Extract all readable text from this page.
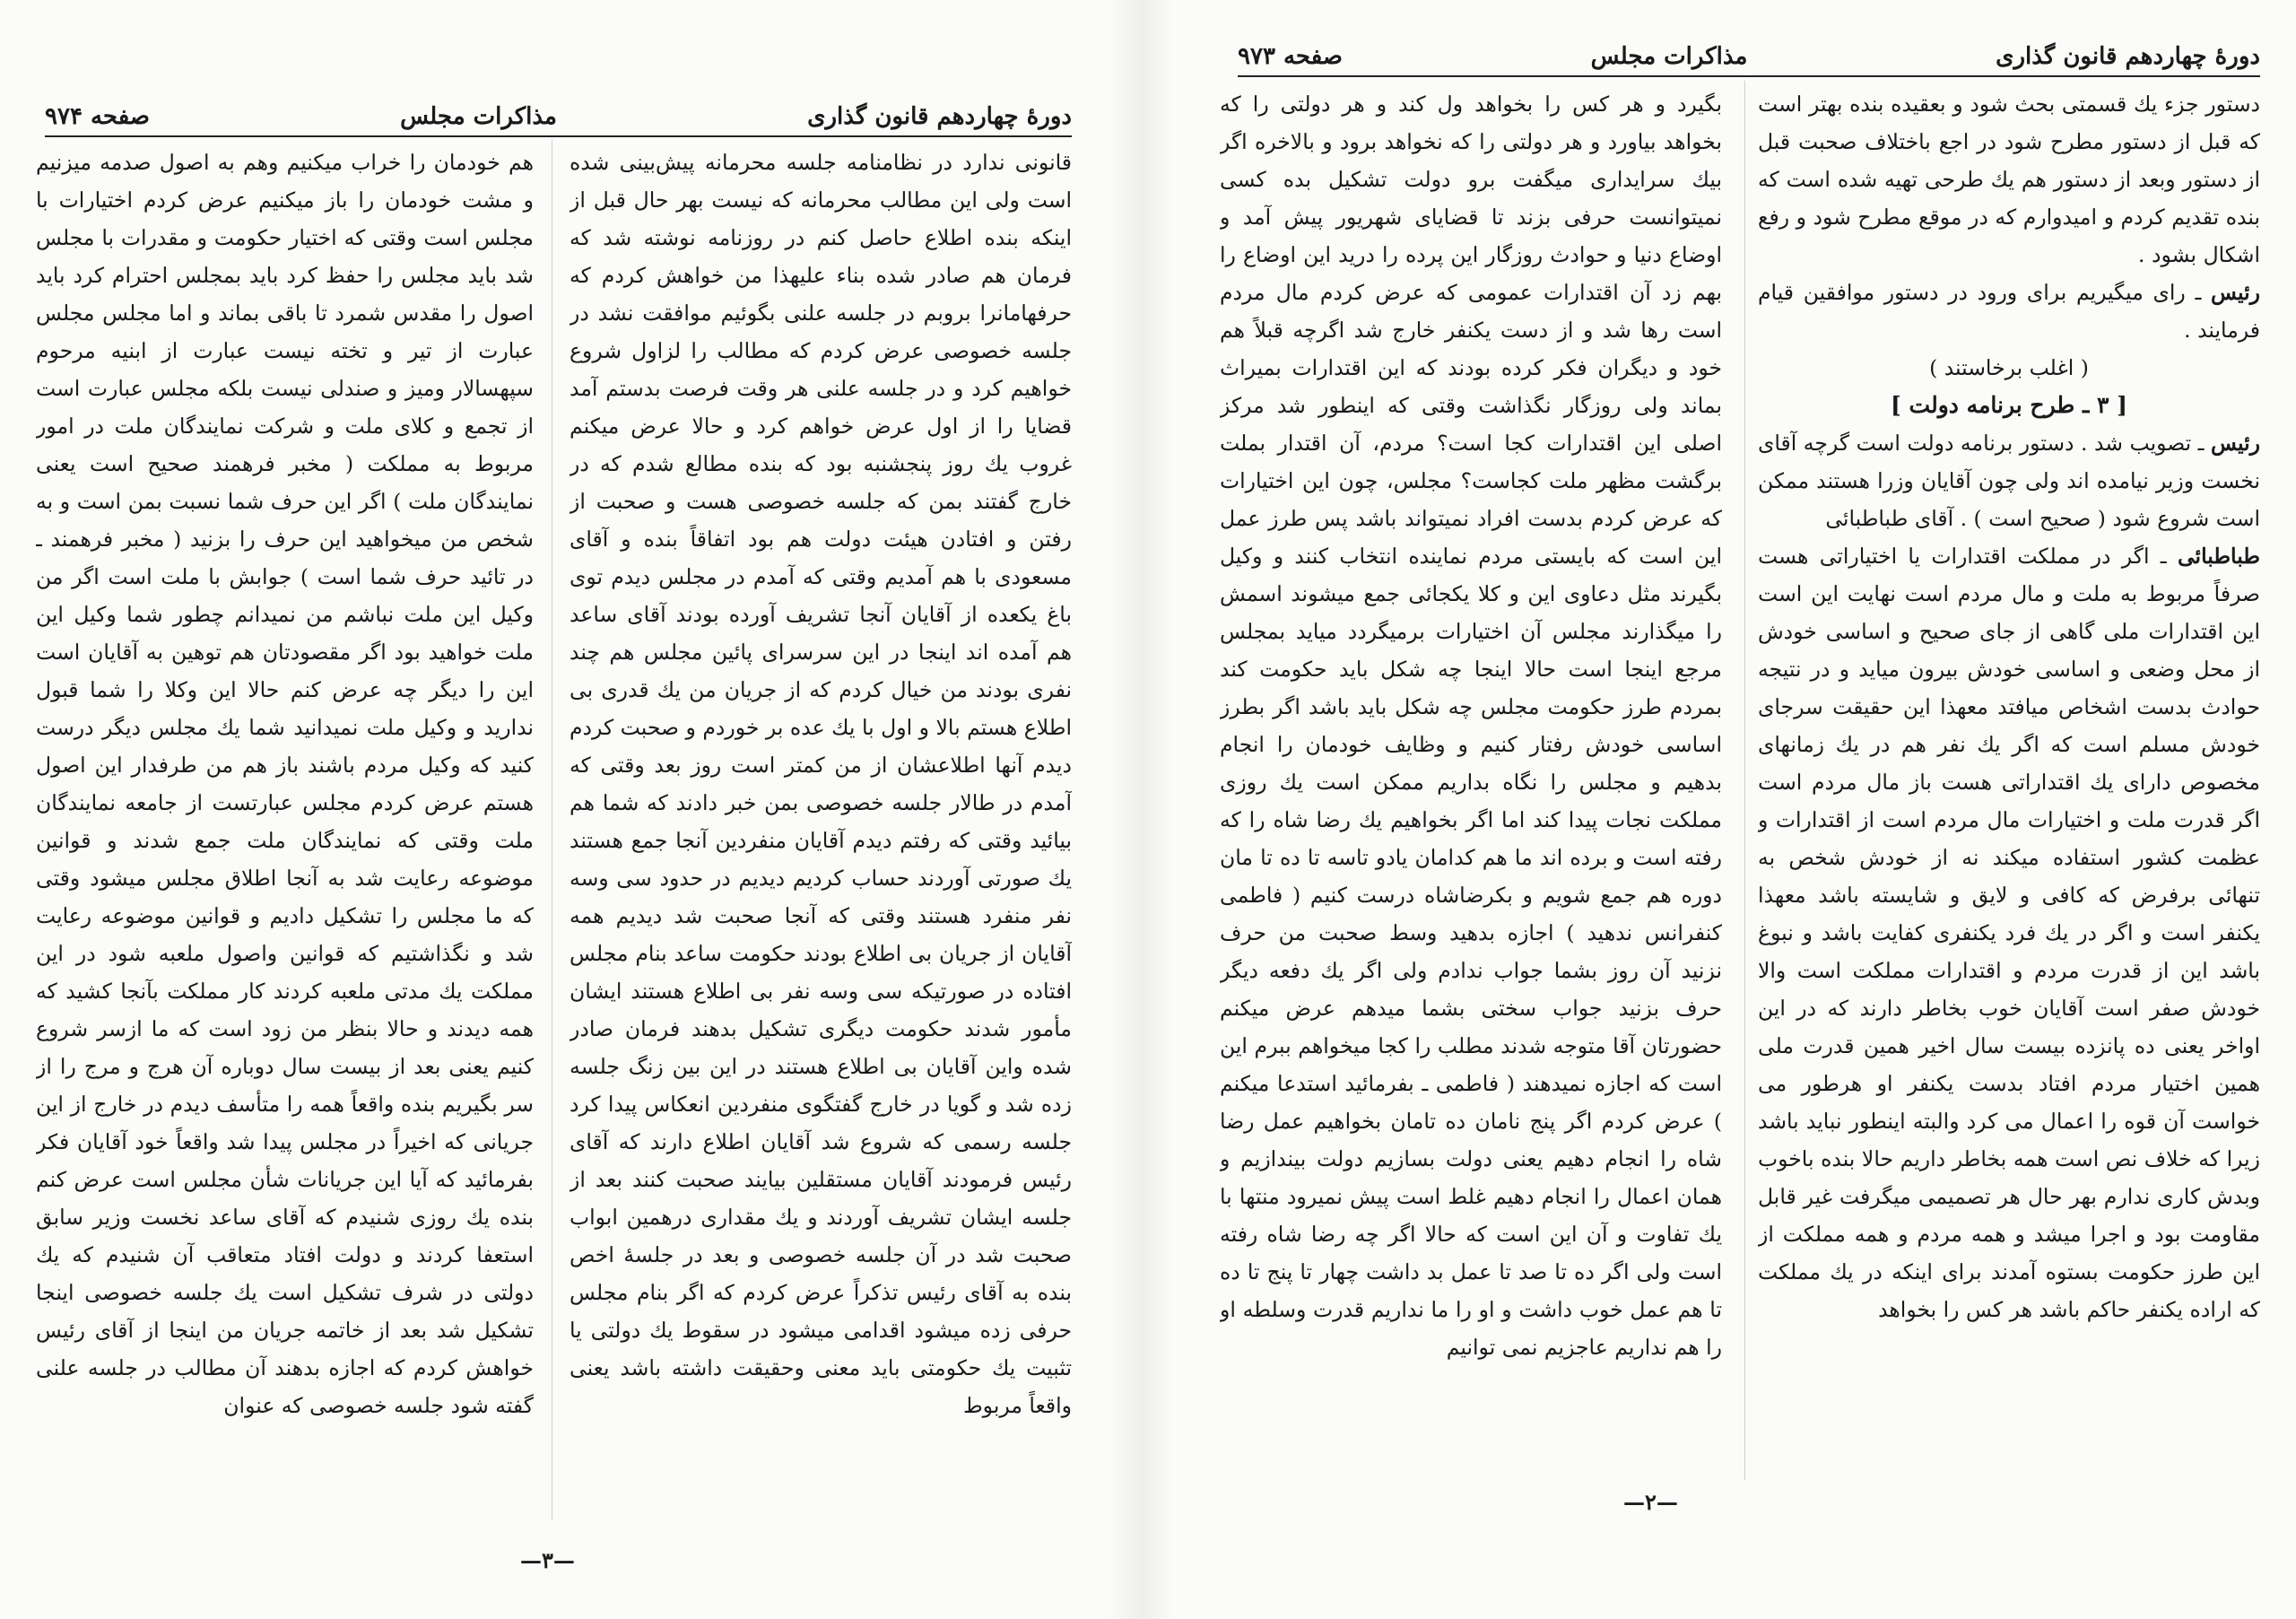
دورهٔ چهاردهم قانون گذاری
مذاکرات مجلس
صفحه ۹۷۴

قانونی ندارد در نظامنامه جلسه محرمانه پیش‌بینی شده است ولی این مطالب محرمانه که نیست بهر حال قبل از اینکه بنده اطلاع حاصل کنم در روزنامه نوشته شد که فرمان هم صادر شده بناء علیهذا من خواهش کردم که حرفهامانرا بروبم در جلسه علنی بگوئیم موافقت نشد در جلسه خصوصی عرض کردم که مطالب را لزاول شروع خواهیم کرد و در جلسه علنی هر وقت فرصت بدستم آمد قضایا را از اول عرض خواهم کرد و حالا عرض میکنم غروب یك روز پنجشنبه بود که بنده مطالع شدم که در خارج گفتند بمن که جلسه خصوصی هست و صحبت از رفتن و افتادن هیئت دولت هم بود اتفاقاً بنده و آقای مسعودی با هم آمدیم وقتی که آمدم در مجلس دیدم توی باغ یکعده از آقایان آنجا تشریف آورده بودند آقای ساعد هم آمده اند اینجا در این سرسرای پائین مجلس هم چند نفری بودند من خیال کردم که از جریان من یك قدری بی اطلاع هستم بالا و اول با یك عده بر خوردم و صحبت کردم دیدم آنها اطلاعشان از من کمتر است روز بعد وقتی که آمدم در طالار جلسه خصوصی بمن خبر دادند که شما هم بیائید وقتی که رفتم دیدم آقایان منفردین آنجا جمع هستند یك صورتی آوردند حساب کردیم دیدیم در حدود سی وسه نفر منفرد هستند وقتی که آنجا صحبت شد دیدیم همه آقایان از جریان بی اطلاع بودند حکومت ساعد بنام مجلس افتاده در صورتیکه سی وسه نفر بی اطلاع هستند ایشان مأمور شدند حکومت دیگری تشکیل بدهند فرمان صادر شده واین آقایان بی اطلاع هستند در این بین زنگ جلسه زده شد و گویا در خارج گفتگوی منفردین انعکاس پیدا کرد جلسه رسمی که شروع شد آقایان اطلاع دارند که آقای رئیس فرمودند آقایان مستقلین بیایند صحبت کنند بعد از جلسه ایشان تشریف آوردند و یك مقداری درهمین ابواب صحبت شد در آن جلسه خصوصی و بعد در جلسهٔ اخص بنده به آقای رئیس تذکراً عرض کردم که اگر بنام مجلس حرفی زده میشود اقدامی میشود در سقوط یك دولتی یا تثبیت یك حکومتی باید معنی وحقیقت داشته باشد یعنی واقعاً مربوط

هم خودمان را خراب میکنیم وهم به اصول صدمه میزنیم و مشت خودمان را باز میکنیم عرض کردم اختیارات با مجلس است وقتی که اختیار حکومت و مقدرات با مجلس شد باید مجلس را حفظ کرد باید بمجلس احترام کرد باید اصول را مقدس شمرد تا باقی بماند و اما مجلس مجلس عبارت از تیر و تخته نیست عبارت از ابنیه مرحوم سپهسالار ومیز و صندلی نیست بلکه مجلس عبارت است از تجمع و کلای ملت و شرکت نمایندگان ملت در امور مربوط به مملکت ( مخبر فرهمند صحیح است یعنی نمایندگان ملت ) اگر این حرف شما نسبت بمن است و به شخص من میخواهید این حرف را بزنید ( مخبر فرهمند ـ در تائید حرف شما است ) جوابش با ملت است اگر من وکیل این ملت نباشم من نمیدانم چطور شما وکیل این ملت خواهید بود اگر مقصودتان هم توهین به آقایان است این را دیگر چه عرض کنم حالا این وکلا را شما قبول ندارید و وکیل ملت نمیدانید شما یك مجلس دیگر درست کنید که وکیل مردم باشند باز هم من طرفدار این اصول هستم عرض کردم مجلس عبارتست از جامعه نمایندگان ملت وقتی که نمایندگان ملت جمع شدند و قوانین موضوعه رعایت شد به آنجا اطلاق مجلس میشود وقتی که ما مجلس را تشکیل دادیم و قوانین موضوعه رعایت شد و نگذاشتیم که قوانین واصول ملعبه شود در این مملکت یك مدتی ملعبه کردند کار مملکت بآنجا کشید که همه دیدند و حالا بنظر من زود است که ما ازسر شروع کنیم یعنی بعد از بیست سال دوباره آن هرج و مرج را از سر بگیریم بنده واقعاً همه را متأسف دیدم در خارج از این جریانی که اخیراً در مجلس پیدا شد واقعاً خود آقایان فکر بفرمائید که آیا این جریانات شأن مجلس است عرض کنم بنده یك روزی شنیدم که آقای ساعد نخست وزیر سابق استعفا کردند و دولت افتاد متعاقب آن شنیدم که یك دولتی در شرف تشکیل است یك جلسه خصوصی اینجا تشکیل شد بعد از خاتمه جریان من اینجا از آقای رئیس خواهش کردم که اجازه بدهند آن مطالب در جلسه علنی گفته شود جلسه خصوصی که عنوان

—۳—
دورهٔ چهاردهم قانون گذاری
مذاکرات مجلس
صفحه ۹۷۳

دستور جزء یك قسمتی بحث شود و بعقیده بنده بهتر است که قبل از دستور مطرح شود در اجع باختلاف صحبت قبل از دستور وبعد از دستور هم یك طرحی تهیه شده است که بنده تقدیم کردم و امیدوارم که در موقع مطرح شود و رفع اشکال بشود .

رئیس ـ رای میگیریم برای ورود در دستور موافقین قیام فرمایند .

( اغلب برخاستند )

[ ۳ ـ طرح برنامه دولت ]

رئیس ـ تصویب شد . دستور برنامه دولت است گرچه آقای نخست وزیر نیامده اند ولی چون آقایان وزرا هستند ممکن است شروع شود ( صحیح است ) . آقای طباطبائی

طباطبائی ـ اگر در مملکت اقتدارات یا اختیاراتی هست صرفاً مربوط به ملت و مال مردم است نهایت این است این اقتدارات ملی گاهی از جای صحیح و اساسی خودش از محل وضعی و اساسی خودش بیرون میاید و در نتیجه حوادث بدست اشخاص میافتد معهذا این حقیقت سرجای خودش مسلم است که اگر یك نفر هم در یك زمانهای مخصوص دارای یك اقتداراتی هست باز مال مردم است اگر قدرت ملت و اختیارات مال مردم است از اقتدارات و عظمت کشور استفاده میکند نه از خودش شخص به تنهائی برفرض که کافی و لایق و شایسته باشد معهذا یکنفر است و اگر در یك فرد یکنفری کفایت باشد و نبوغ باشد این از قدرت مردم و اقتدارات مملکت است والا خودش صفر است آقایان خوب بخاطر دارند که در این اواخر یعنی ده پانزده بیست سال اخیر همین قدرت ملی همین اختیار مردم افتاد بدست یکنفر او هرطور می خواست آن قوه را اعمال می کرد والبته اینطور نباید باشد زیرا که خلاف نص است همه بخاطر داریم حالا بنده باخوب وبدش کاری ندارم بهر حال هر تصمیمی میگرفت غیر قابل مقاومت بود و اجرا میشد و همه مردم و همه مملکت از این طرز حکومت بستوه آمدند برای اینکه در یك مملکت که اراده یکنفر حاکم باشد هر کس را بخواهد

بگیرد و هر کس را بخواهد ول کند و هر دولتی را که بخواهد بیاورد و هر دولتی را که نخواهد برود و بالاخره اگر بیك سرایداری میگفت برو دولت تشکیل بده کسی نمیتوانست حرفی بزند تا قضایای شهریور پیش آمد و اوضاع دنیا و حوادث روزگار این پرده را درید این اوضاع را بهم زد آن اقتدارات عمومی که عرض کردم مال مردم است رها شد و از دست یکنفر خارج شد اگرچه قبلاً هم خود و دیگران فکر کرده بودند که این اقتدارات بمیراث بماند ولی روزگار نگذاشت وقتی که اینطور شد مرکز اصلی این اقتدارات کجا است؟ مردم، آن اقتدار بملت برگشت مظهر ملت کجاست؟ مجلس، چون این اختیارات که عرض کردم بدست افراد نمیتواند باشد پس طرز عمل این است که بایستی مردم نماینده انتخاب کنند و وکیل بگیرند مثل دعاوی این و کلا یکجائی جمع میشوند اسمش را میگذارند مجلس آن اختیارات برمیگردد میاید بمجلس مرجع اینجا است حالا اینجا چه شکل باید حکومت کند بمردم طرز حکومت مجلس چه شکل باید باشد اگر بطرز اساسی خودش رفتار کنیم و وظایف خودمان را انجام بدهیم و مجلس را نگاه بداریم ممکن است یك روزی مملکت نجات پیدا کند اما اگر بخواهیم یك رضا شاه را که رفته است و برده اند ما هم کدامان یادو تاسه تا ده تا مان دوره هم جمع شویم و بکرضاشاه درست کنیم ( فاطمی کنفرانس ندهید ) اجازه بدهید وسط صحبت من حرف نزنید آن روز بشما جواب ندادم ولی اگر یك دفعه دیگر حرف بزنید جواب سختی بشما میدهم عرض میکنم حضورتان آقا متوجه شدند مطلب را کجا میخواهم ببرم این است که اجازه نمیدهند ( فاطمی ـ بفرمائید استدعا میکنم ) عرض کردم اگر پنج نامان ده تامان بخواهیم عمل رضا شاه را انجام دهیم یعنی دولت بسازیم دولت بیندازیم و همان اعمال را انجام دهیم غلط است پیش نمیرود منتها با یك تفاوت و آن این است که حالا اگر چه رضا شاه رفته است ولی اگر ده تا صد تا عمل بد داشت چهار تا پنج تا ده تا هم عمل خوب داشت و او را ما نداریم قدرت وسلطه او را هم نداریم عاجزیم نمی توانیم

—۲—
